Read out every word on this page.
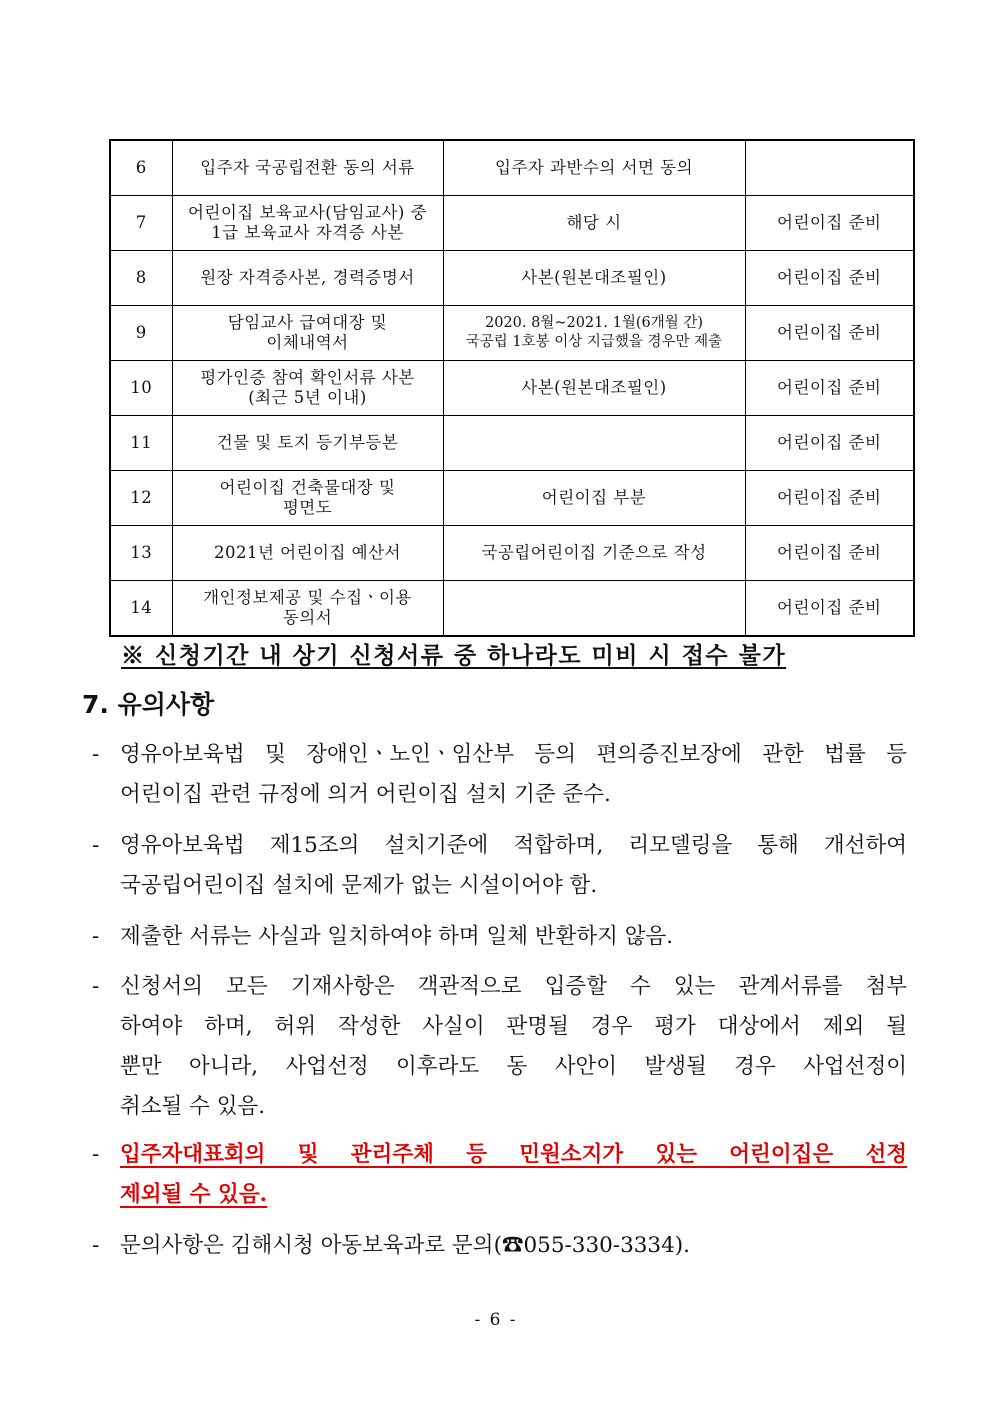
6	입주자 국공립전환 동의 서류	입주자 과반수의 서면 동의	
7	어린이집 보육교사(담임교사) 중
1급 보육교사 자격증 사본	해당 시	어린이집 준비
8	원장 자격증사본, 경력증명서	사본(원본대조필인)	어린이집 준비
9	담임교사 급여대장 및
이체내역서	2020. 8월~2021. 1월(6개월 간)
국공립 1호봉 이상 지급했을 경우만 제출	어린이집 준비
10	평가인증 참여 확인서류 사본
(최근 5년 이내)	사본(원본대조필인)	어린이집 준비
11	건물 및 토지 등기부등본		어린이집 준비
12	어린이집 건축물대장 및
평면도	어린이집 부분	어린이집 준비
13	2021년 어린이집 예산서	국공립어린이집 기준으로 작성	어린이집 준비
14	개인정보제공 및 수집ㆍ이용
동의서		어린이집 준비
※ 신청기간 내 상기 신청서류 중 하나라도 미비 시 접수 불가
7. 유의사항
- 영유아보육법 및 장애인ㆍ노인ㆍ임산부 등의 편의증진보장에 관한 법률 등
어린이집 관련 규정에 의거 어린이집 설치 기준 준수.
- 영유아보육법 제15조의 설치기준에 적합하며, 리모델링을 통해 개선하여
국공립어린이집 설치에 문제가 없는 시설이어야 함.
- 제출한 서류는 사실과 일치하여야 하며 일체 반환하지 않음.
- 신청서의 모든 기재사항은 객관적으로 입증할 수 있는 관계서류를 첨부
하여야 하며, 허위 작성한 사실이 판명될 경우 평가 대상에서 제외 될
뿐만 아니라, 사업선정 이후라도 동 사안이 발생될 경우 사업선정이
취소될 수 있음.
- 입주자대표회의 및 관리주체 등 민원소지가 있는 어린이집은 선정
제외될 수 있음.
- 문의사항은 김해시청 아동보육과로 문의(☎055-330-3334).
- 6 -
